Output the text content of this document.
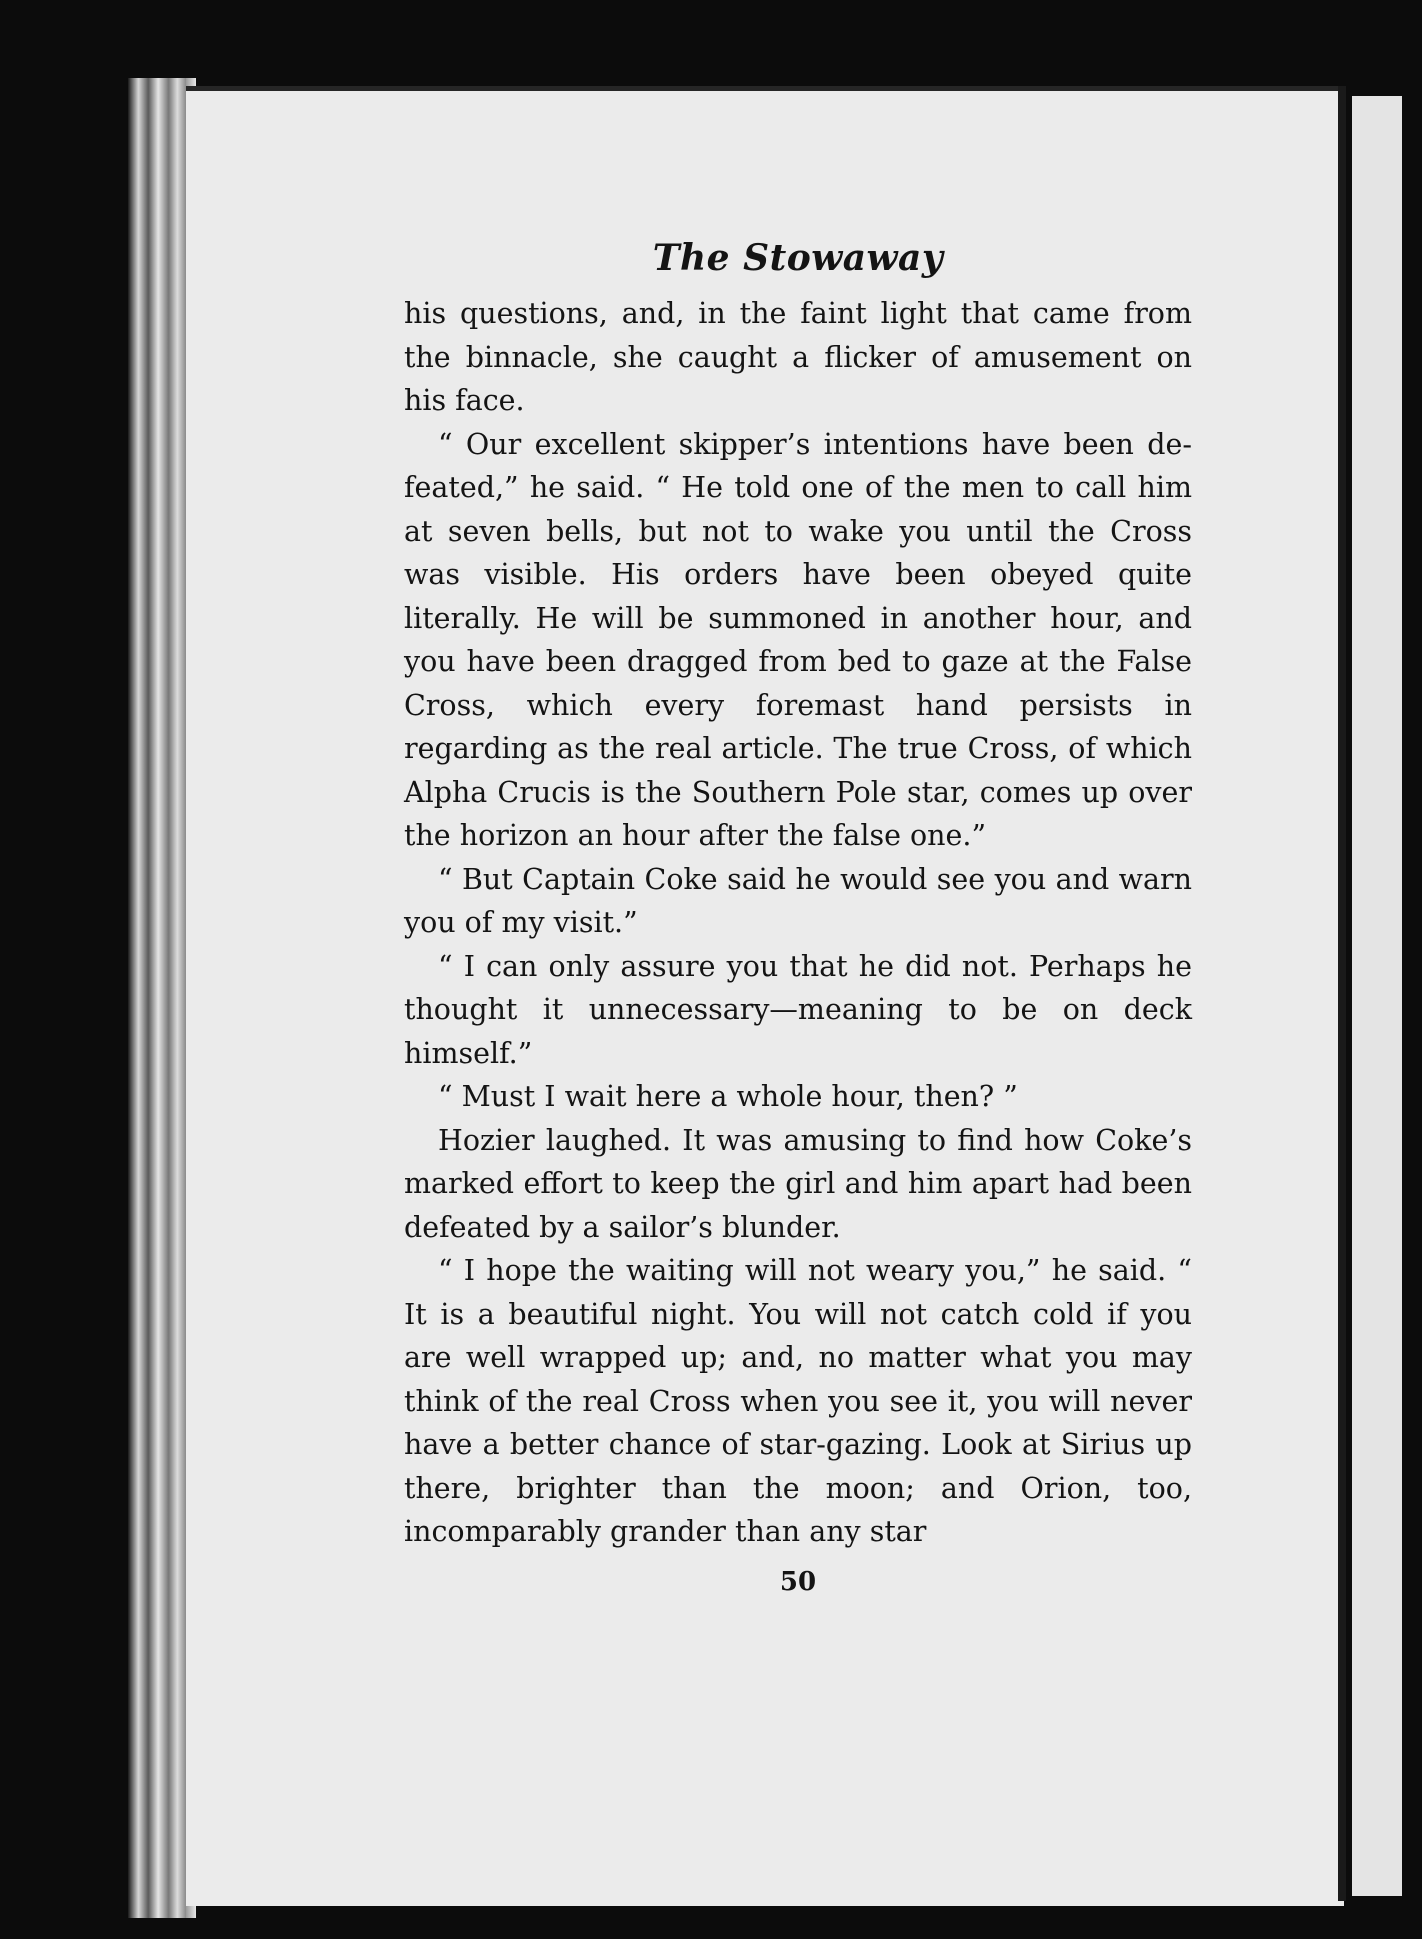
The Stowaway

his questions, and, in the faint light that came from the binnacle, she caught a flicker of amusement on his face.

“ Our excellent skipper’s intentions have been de-feated,” he said. “ He told one of the men to call him at seven bells, but not to wake you until the Cross was visible. His orders have been obeyed quite literally. He will be summoned in another hour, and you have been dragged from bed to gaze at the False Cross, which every foremast hand persists in regarding as the real article. The true Cross, of which Alpha Crucis is the Southern Pole star, comes up over the horizon an hour after the false one.”

“ But Captain Coke said he would see you and warn you of my visit.”

“ I can only assure you that he did not. Perhaps he thought it unnecessary—meaning to be on deck himself.”

“ Must I wait here a whole hour, then? ”

Hozier laughed. It was amusing to find how Coke’s marked effort to keep the girl and him apart had been defeated by a sailor’s blunder.

“ I hope the waiting will not weary you,” he said. “ It is a beautiful night. You will not catch cold if you are well wrapped up; and, no matter what you may think of the real Cross when you see it, you will never have a better chance of star-gazing. Look at Sirius up there, brighter than the moon; and Orion, too, incomparably grander than any star

50
